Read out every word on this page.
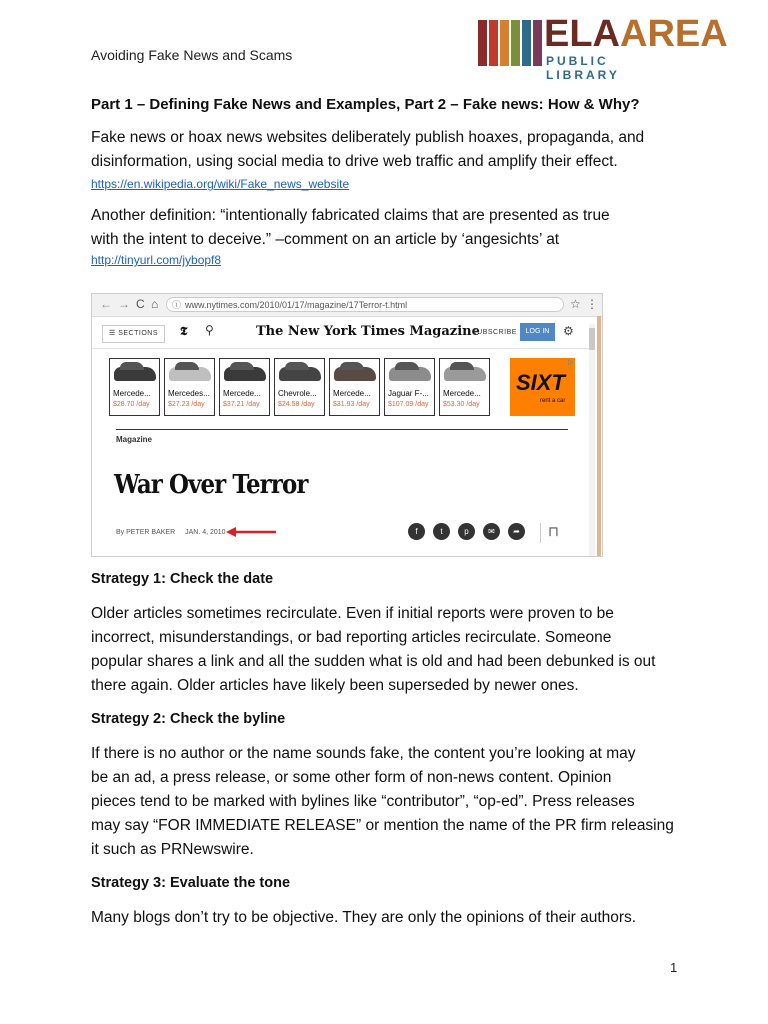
Avoiding Fake News and Scams	ELAAREA
PUBLIC LIBRARY
Part 1 – Defining Fake News and Examples, Part 2 – Fake news: How & Why?
Fake news or hoax news websites deliberately publish hoaxes, propaganda, and
disinformation, using social media to drive web traffic and amplify their effect.
https://en.wikipedia.org/wiki/Fake_news_website
Another definition: “intentionally fabricated claims that are presented as true
with the intent to deceive.” –comment on an article by ‘angesichts’ at
http://tinyurl.com/jybopf8
← → C ⌂ ⓘ www.nytimes.com/2010/01/17/magazine/17Terror-t.html	☆ ⋮
☰ SECTIONS	𝕿 ⚲	The New York Times Magazine
SUBSCRIBE	LOG IN	⚙
Mercede...
$28.70 /day
Mercedes...
$27.23 /day
Mercede...
$37.21 /day
Chevrole...
$24.58 /day
Mercede...
$31.93 /day
Jaguar F-...
$107.09 /day
Mercede...
$53.30 /day
SIXT
rent a car
▷
Magazine
War Over Terror
By PETER BAKER JAN. 4, 2010	f	t	p	✉	➦	⊓
Strategy 1: Check the date
Older articles sometimes recirculate. Even if initial reports were proven to be
incorrect, misunderstandings, or bad reporting articles recirculate. Someone
popular shares a link and all the sudden what is old and had been debunked is out
there again. Older articles have likely been superseded by newer ones.
Strategy 2: Check the byline
If there is no author or the name sounds fake, the content you’re looking at may
be an ad, a press release, or some other form of non-news content. Opinion
pieces tend to be marked with bylines like “contributor”, “op-ed”. Press releases
may say “FOR IMMEDIATE RELEASE” or mention the name of the PR firm releasing
it such as PRNewswire.
Strategy 3: Evaluate the tone
Many blogs don’t try to be objective. They are only the opinions of their authors.
1
